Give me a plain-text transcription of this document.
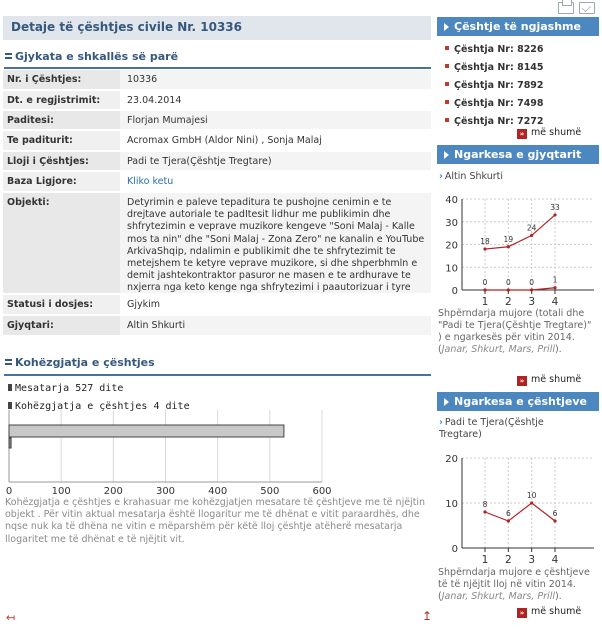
Detaje të çështjes civile Nr. 10336
Gjykata e shkallës së parë
Nr. i Çështjes:	10336
Dt. e regjistrimit:	23.04.2014
Paditesi:	Florjan Mumajesi
Te paditurit:	Acromax GmbH (Aldor Nini) , Sonja Malaj
Lloji i Çështjes:	Padi te Tjera(Çështje Tregtare)
Baza Ligjore:	Kliko ketu
Objekti:	Detyrimin e paleve tepaditura te pushojne cenimin e te drejtave autoriale te padItesit lidhur me publikimin dhe shfrytezimin e veprave muzikore kengeve "Soni Malaj - Kalle mos ta nin" dhe "Soni Malaj - Zona Zero" ne kanalin e YouTube ArkivaShqip, ndalimin e publikimit dhe te shfrytezimit te metejshem te ketyre veprave muzikore, si dhe shperbhmln e demit jashtekontraktor pasuror ne masen e te ardhurave te nxjerra nga keto kenge nga shfrytezimi i paautorizuar i tyre
Statusi i dosjes:	Gjykim
Gjyqtari:	Altin Shkurti
Kohëzgjatja e çështjes
Mesatarja 527 dite
Kohëzgjatja e çështjes 4 dite
0	100	200	300	400	500	600
Kohëzgjatja e çështjes e krahasuar me kohëzgjatjen mesatare të çështjeve me të njëjtin objekt . Për vitin aktual mesatarja është llogaritur me të dhënat e vitit paraardhës, dhe nqse nuk ka të dhëna ne vitin e mëparshëm për këtë lloj çështje atëherë mesatarja llogaritet me të dhënat e të njëjtit vit.
↤	↥
Çështje të ngjashme
Çështja Nr: 8226
Çështja Nr: 8145
Çështja Nr: 7892
Çështja Nr: 7498
Çështja Nr: 7272
» më shumë
Ngarkesa e gjyqtarit
› Altin Shkurti
0
10
20
30
40
1 2 3 4
18 19
24
33
0 0 0 1
Shpërndarja mujore (totali dhe "Padi te Tjera(Çështje Tregtare)" ) e ngarkesës për vitin 2014. (Janar, Shkurt, Mars, Prill).
» më shumë
Ngarkesa e çështjeve
› Padi te Tjera(Çështje Tregtare)
0
10
20
1 2 3 4
8
6
10
6
Shpërndarja mujore e çështjeve të të njëjtit lloj në vitin 2014. (Janar, Shkurt, Mars, Prill).
» më shumë
